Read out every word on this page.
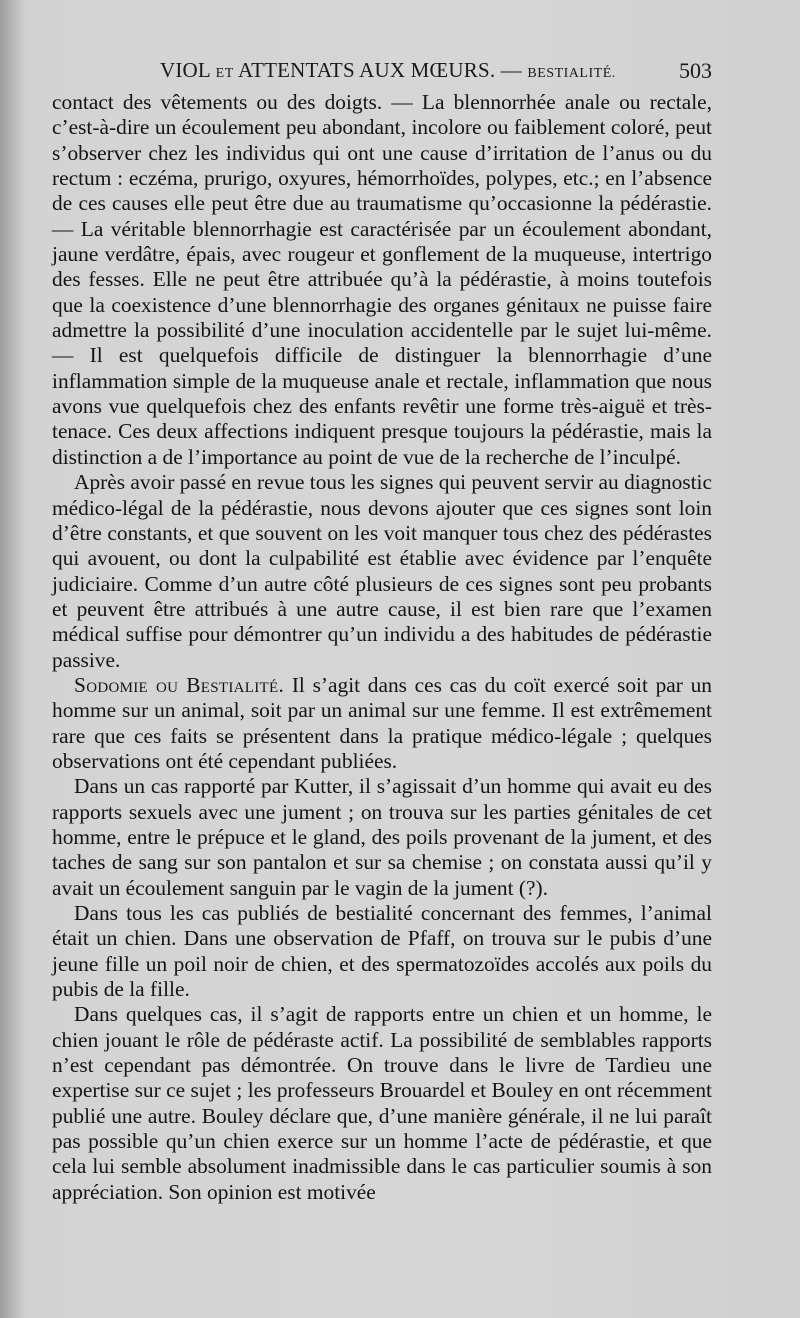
VIOL ET ATTENTATS AUX MŒURS. — BESTIALITÉ.	503

contact des vêtements ou des doigts. — La blennorrhée anale ou rectale, c’est-à-dire un écoulement peu abondant, incolore ou faiblement coloré, peut s’observer chez les individus qui ont une cause d’irritation de l’anus ou du rectum : eczéma, prurigo, oxyures, hémorrhoïdes, polypes, etc.; en l’absence de ces causes elle peut être due au traumatisme qu’occasionne la pédérastie. — La véritable blennorrhagie est caractérisée par un écoulement abondant, jaune verdâtre, épais, avec rougeur et gonflement de la muqueuse, intertrigo des fesses. Elle ne peut être attribuée qu’à la pédérastie, à moins toutefois que la coexistence d’une blennorrhagie des organes génitaux ne puisse faire admettre la possibilité d’une inoculation accidentelle par le sujet lui-même. — Il est quelquefois difficile de distinguer la blennorrhagie d’une inflammation simple de la muqueuse anale et rectale, inflammation que nous avons vue quelquefois chez des enfants revêtir une forme très-aiguë et très-tenace. Ces deux affections indiquent presque toujours la pédérastie, mais la distinction a de l’importance au point de vue de la recherche de l’inculpé.

Après avoir passé en revue tous les signes qui peuvent servir au diagnostic médico-légal de la pédérastie, nous devons ajouter que ces signes sont loin d’être constants, et que souvent on les voit manquer tous chez des pédérastes qui avouent, ou dont la culpabilité est établie avec évidence par l’enquête judiciaire. Comme d’un autre côté plusieurs de ces signes sont peu probants et peuvent être attribués à une autre cause, il est bien rare que l’examen médical suffise pour démontrer qu’un individu a des habitudes de pédérastie passive.

Sodomie ou Bestialité. Il s’agit dans ces cas du coït exercé soit par un homme sur un animal, soit par un animal sur une femme. Il est extrêmement rare que ces faits se présentent dans la pratique médico-légale ; quelques observations ont été cependant publiées.

Dans un cas rapporté par Kutter, il s’agissait d’un homme qui avait eu des rapports sexuels avec une jument ; on trouva sur les parties génitales de cet homme, entre le prépuce et le gland, des poils provenant de la jument, et des taches de sang sur son pantalon et sur sa chemise ; on constata aussi qu’il y avait un écoulement sanguin par le vagin de la jument (?).

Dans tous les cas publiés de bestialité concernant des femmes, l’animal était un chien. Dans une observation de Pfaff, on trouva sur le pubis d’une jeune fille un poil noir de chien, et des spermatozoïdes accolés aux poils du pubis de la fille.

Dans quelques cas, il s’agit de rapports entre un chien et un homme, le chien jouant le rôle de pédéraste actif. La possibilité de semblables rapports n’est cependant pas démontrée. On trouve dans le livre de Tardieu une expertise sur ce sujet ; les professeurs Brouardel et Bouley en ont récemment publié une autre. Bouley déclare que, d’une manière générale, il ne lui paraît pas possible qu’un chien exerce sur un homme l’acte de pédérastie, et que cela lui semble absolument inadmissible dans le cas particulier soumis à son appréciation. Son opinion est motivée
